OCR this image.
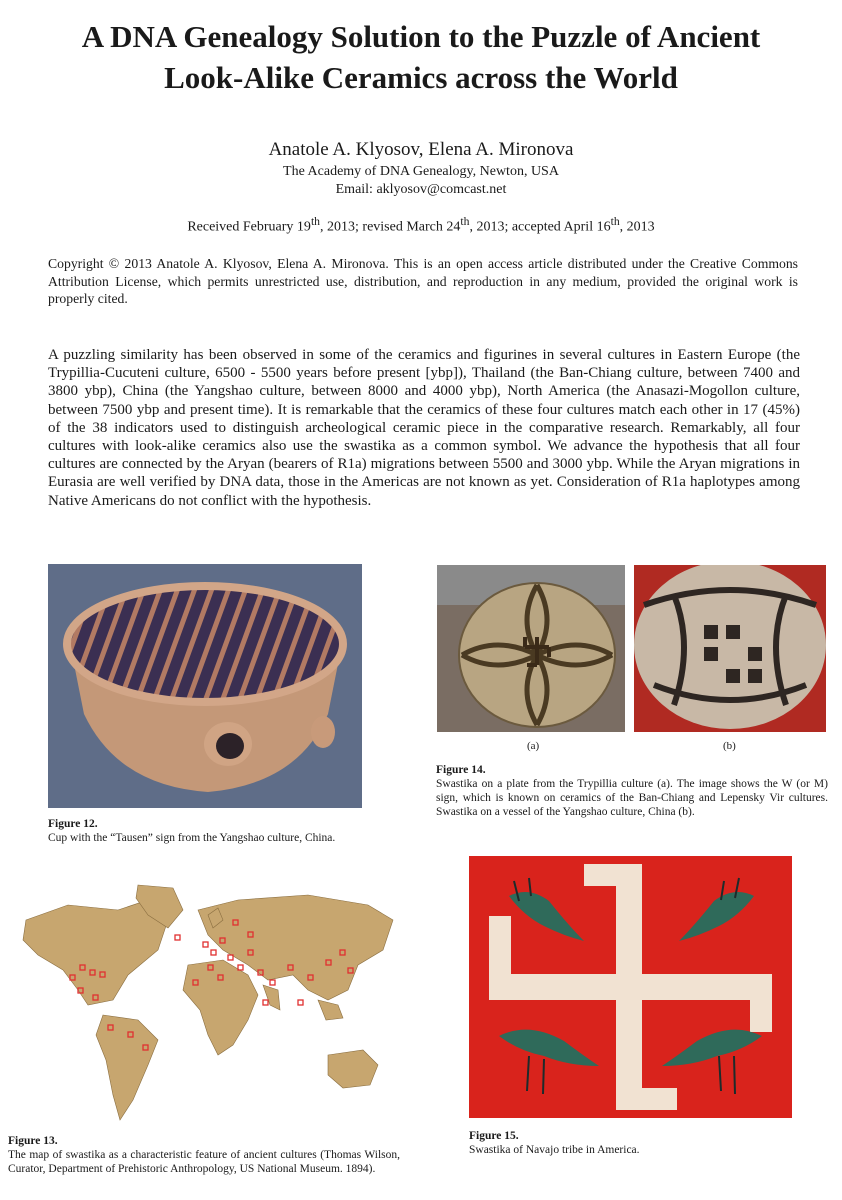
A DNA Genealogy Solution to the Puzzle of Ancient
Look-Alike Ceramics across the World
Anatole A. Klyosov, Elena A. Mironova
The Academy of DNA Genealogy, Newton, USA
Email: aklyosov@comcast.net
Received February 19th, 2013; revised March 24th, 2013; accepted April 16th, 2013
Copyright © 2013 Anatole A. Klyosov, Elena A. Mironova. This is an open access article distributed under the Creative Commons Attribution License, which permits unrestricted use, distribution, and reproduction in any medium, provided the original work is properly cited.
A puzzling similarity has been observed in some of the ceramics and figurines in several cultures in Eastern Europe (the Trypillia-Cucuteni culture, 6500 - 5500 years before present [ybp]), Thailand (the Ban-Chiang culture, between 7400 and 3800 ybp), China (the Yangshao culture, between 8000 and 4000 ybp), North America (the Anasazi-Mogollon culture, between 7500 ybp and present time). It is remarkable that the ceramics of these four cultures match each other in 17 (45%) of the 38 indicators used to distinguish archeological ceramic piece in the comparative research. Remarkably, all four cultures with look-alike ceramics also use the swastika as a common symbol. We advance the hypothesis that all four cultures are connected by the Aryan (bearers of R1a) migrations between 5500 and 3000 ybp. While the Aryan migrations in Eurasia are well verified by DNA data, those in the Americas are not known as yet. Consideration of R1a haplotypes among Native Americans do not conflict with the hypothesis.
Figure 12.
Cup with the “Tausen” sign from the Yangshao culture, China.
(a)	(b)
Figure 14.
Swastika on a plate from the Trypillia culture (a). The image shows the W (or M) sign, which is known on ceramics of the Ban-Chiang and Lepensky Vir cultures. Swastika on a vessel of the Yangshao culture, China (b).
Figure 13.
The map of swastika as a characteristic feature of ancient cultures (Thomas Wilson, Curator, Department of Prehistoric Anthropology, US National Museum. 1894).
Figure 15.
Swastika of Navajo tribe in America.
